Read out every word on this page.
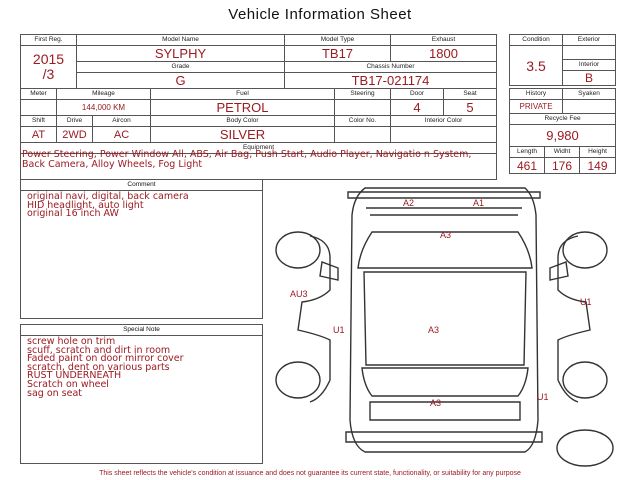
Vehicle Information Sheet
First Reg.	Model Name	Model Type	Exhaust

2015
/3	SYLPHY	TB17	1800
	Grade	Chassis Number	
	G	TB17-021174	
Condition	Exterior
3.5	
	Interior
	B
Meter	Mileage		Fuel	Steering	Door	Seat
	144,000 KM		PETROL		4	5
Shift	Drive	Aircon	Body Color	Color No.	Interior Color	
AT	2WD	AC	SILVER			
Equipment						

Power Steering, Power Window All, ABS, Air Bag, Push Start, Audio Player, Navigatio n System, Back Camera, Alloy Wheels, Fog Light
History		Syaken	
PRIVATE			
Recycle Fee			
9,980			
Length	Widht		Height
461	176		149
Comment
original navi, digital, back camera
HID headlight, auto light
original 16 inch AW
Special Note
screw hole on trim
scuff, scratch and dirt in room
Faded paint on door mirror cover
scratch, dent on various parts
RUST UNDERNEATH
Scratch on wheel
sag on seat
A2	A1
A3
AU3
U1	A3
U1
A3
U1
This sheet reflects the vehicle's condition at issuance and does not guarantee its current state, functionality, or suitability for any purpose
